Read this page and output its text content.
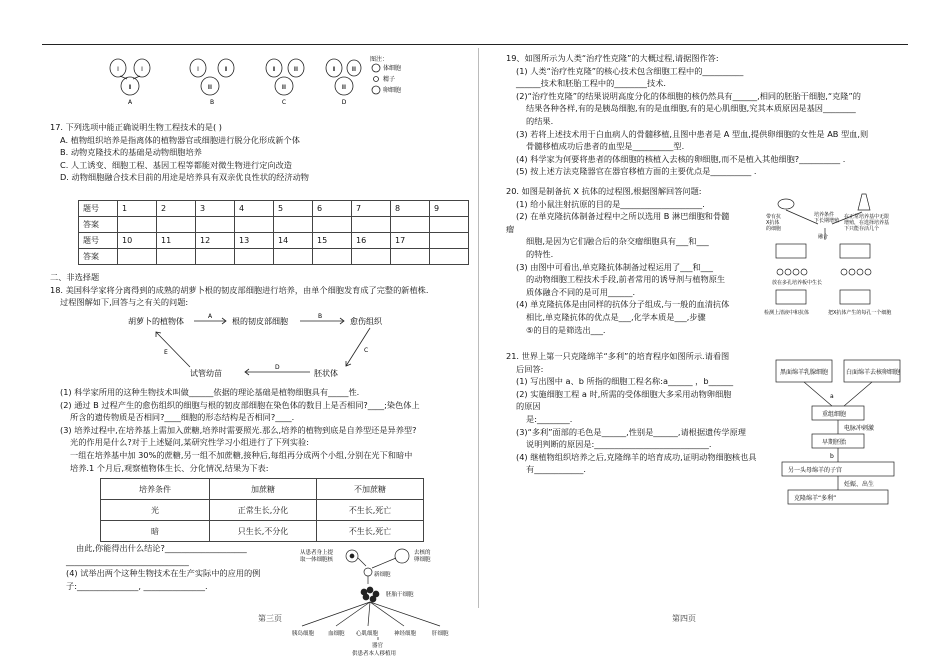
Ⅰ	Ⅰ
Ⅱ
Ⅰ	Ⅱ
Ⅲ
Ⅱ	Ⅲ
Ⅲ
Ⅱ	Ⅲ
Ⅲ
A	B	C	D
图注：
体细胞
精子
卵细胞

17. 下列选项中能正确说明生物工程技术的是( )

A. 植物组织培养是指离体的植物器官或细胞进行脱分化形成新个体

B. 动物克隆技术的基础是动物细胞培养

C. 人工诱变、细胞工程、基因工程等都能对微生物进行定向改造

D. 动物细胞融合技术目前的用途是培养具有双亲优良性状的经济动物

题号	1	2	3	4	5	6	7	8	9
答案									
题号	10	11	12	13	14	15	16	17	
答案									

二、非选择题

18. 美国科学家将分离得到的成熟的胡萝卜根的韧皮部细胞进行培养，由单个细胞发育成了完整的新植株.

过程图解如下,回答与之有关的问题:

胡萝卜的植物体	根的韧皮部细胞	愈伤组织
试管幼苗	胚状体
A	B
C
D
E

(1) 科学家所用的这种生物技术叫做______依据的理论基础是植物细胞具有_____性.

(2) 通过 B 过程产生的愈伤组织的细胞与根的韧皮部细胞在染色体的数目上是否相同?____;染色体上

所含的遗传物质是否相同?____细胞的形态结构是否相同?____.

(3) 培养过程中,在培养基上需加入蔗糖,培养时需要照光.那么,培养的植物到底是自养型还是异养型?

光的作用是什么?对于上述疑问,某研究性学习小组进行了下列实验:

一组在培养基中加 30%的蔗糖,另一组不加蔗糖,接种后,每组再分成两个小组,分别在光下和暗中

培养.1 个月后,观察植物体生长、分化情况,结果为下表:

培养条件	加蔗糖	不加蔗糖
光	正常生长,分化	不生长,死亡
暗	只生长,不分化	不生长,死亡

由此,你能得出什么结论?____________________

______________________________

(4) 试举出两个这种生物技术在生产实际中的应用的例

子:_______________, _______________.

从患者身上提
取一体细胞核
去核的
卵细胞
新细胞
胚胎干细胞
胰岛细胞	血细胞 心肌细胞	神经细胞	肝细胞
器官
供患者本人移植用
第三页

19、如图所示为人类“治疗性克隆”的大概过程,请据图作答:

(1) 人类“治疗性克隆”的核心技术包含细胞工程中的__________

______技术和胚胎工程中的________技术.

(2)“治疗性克隆”的结果说明高度分化的体细胞的核仍然具有______,相同的胚胎干细胞,“克隆”的

结果各种各样,有的是胰岛细胞,有的是血细胞,有的是心肌细胞,究其本质原因是基因________

的结果.

(3) 若将上述技术用于白血病人的骨髓移植,且图中患者是 A 型血,提供卵细胞的女性是 AB 型血,则

骨髓移植成功后患者的血型是__________型.

(4) 科学家为何要将患者的体细胞的核植入去核的卵细胞,而不是植入其他细胞?__________ .

(5) 按上述方法克隆器官在器官移植方面的主要优点是__________ .

20. 如图是制备抗 X 抗体的过程图,根据图解回答问题:

(1) 给小鼠注射抗原的目的是____________________.

(2) 在单克隆抗体制备过程中之所以选用 B 淋巴细胞和骨髓

瘤

细胞,是因为它们融合后的杂交瘤细胞具有___和___

的特性.

(3) 由图中可看出,单克隆抗体制备过程运用了___和___

的动物细胞工程技术手段,前者常用的诱导剂与植物原生

质体融合不同的是可用______.

(4) 单克隆抗体是由同样的抗体分子组成,与一般的血清抗体

相比,单克隆抗体的优点是___,化学本质是___,步骤

⑤的目的是筛选出___.

带有抗
X抗体
的细胞
在正常培养基中无限
增殖，在选择培养基
下只能存活几个
培养条件
下长期增殖
融合
放在多孔培养板中生长
检测上清液中和抗体	把X抗体产生的每孔一个细胞

21. 世界上第一只克隆绵羊“多利”的培育程序如图所示.请看图

后回答:

(1) 写出图中 a、b 所指的细胞工程名称:a______ ，b______

(2) 实施细胞工程 a 时,所需的受体细胞大多采用动物卵细胞

的原因

是:________.

(3)“多利”面部的毛色是______,性别是______,请根据遗传学原理

说明判断的原因是:____________________________.

(4) 继植物组织培养之后,克隆绵羊的培育成功,证明动物细胞核也具

有____________.

黑面绵羊乳腺细胞	白面绵羊去核卵细胞
重组细胞
早期胚胎
另一头母绵羊的子宫
克隆绵羊“多利”
电脉冲刺激
a
b
妊娠、出生
第四页
